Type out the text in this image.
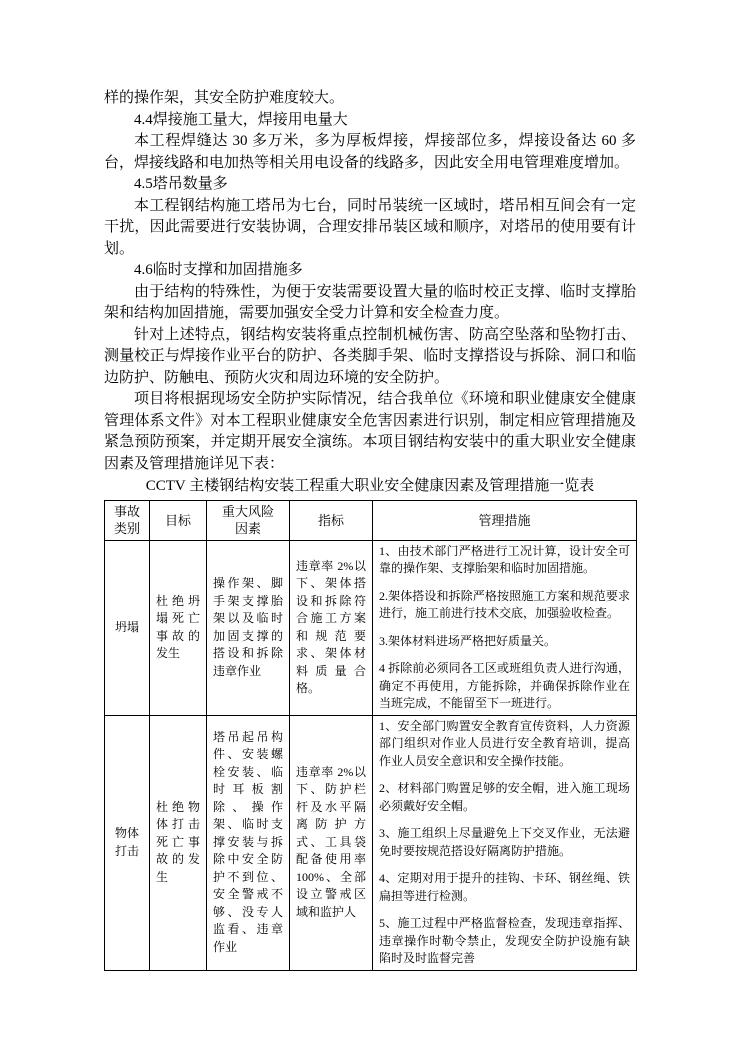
样的操作架，其安全防护难度较大。

4.4焊接施工量大，焊接用电量大

本工程焊缝达 30 多万米，多为厚板焊接，焊接部位多，焊接设备达 60 多台，焊接线路和电加热等相关用电设备的线路多，因此安全用电管理难度增加。

4.5塔吊数量多

本工程钢结构施工塔吊为七台，同时吊装统一区域时，塔吊相互间会有一定干扰，因此需要进行安装协调，合理安排吊装区域和顺序，对塔吊的使用要有计划。

4.6临时支撑和加固措施多

由于结构的特殊性，为便于安装需要设置大量的临时校正支撑、临时支撑胎架和结构加固措施，需要加强安全受力计算和安全检查力度。

针对上述特点，钢结构安装将重点控制机械伤害、防高空坠落和坠物打击、测量校正与焊接作业平台的防护、各类脚手架、临时支撑搭设与拆除、洞口和临边防护、防触电、预防火灾和周边环境的安全防护。

项目将根据现场安全防护实际情况，结合我单位《环境和职业健康安全健康管理体系文件》对本工程职业健康安全危害因素进行识别，制定相应管理措施及紧急预防预案，并定期开展安全演练。本项目钢结构安装中的重大职业安全健康因素及管理措施详见下表：

CCTV 主楼钢结构安装工程重大职业安全健康因素及管理措施一览表
事故类别	目标	重大风险因素	指标	管理措施
坍塌	杜绝坍塌死亡事故的发生	操作架、脚手架支撑胎架以及临时加固支撑的搭设和拆除违章作业	违章率 2%以下、架体搭设和拆除符合施工方案和规范要求、架体材料质量合格。	1、由技术部门严格进行工况计算，设计安全可靠的操作架、支撑胎架和临时加固措施。

2.架体搭设和拆除严格按照施工方案和规范要求进行，施工前进行技术交底，加强验收检查。

3.架体材料进场严格把好质量关。

4 拆除前必须同各工区或班组负责人进行沟通，确定不再使用，方能拆除，并确保拆除作业在当班完成，不能留至下一班进行。

物体打击	杜绝物体打击死亡事故的发生	塔吊起吊构件、安装螺栓安装、临时耳板割除、操作架、临时支撑安装与拆除中安全防护不到位、安全警戒不够、没专人监看、违章作业	违章率 2%以下、防护栏杆及水平隔离防护方式、工具袋配备使用率 100%、全部设立警戒区域和监护人	1、安全部门购置安全教育宣传资料，人力资源部门组织对作业人员进行安全教育培训，提高作业人员安全意识和安全操作技能。

2、材料部门购置足够的安全帽，进入施工现场必须戴好安全帽。

3、施工组织上尽量避免上下交叉作业，无法避免时要按规范搭设好隔离防护措施。

4、定期对用于提升的挂钩、卡环、钢丝绳、铁扁担等进行检测。

5、施工过程中严格监督检查，发现违章指挥、违章操作时勒令禁止，发现安全防护设施有缺陷时及时监督完善
